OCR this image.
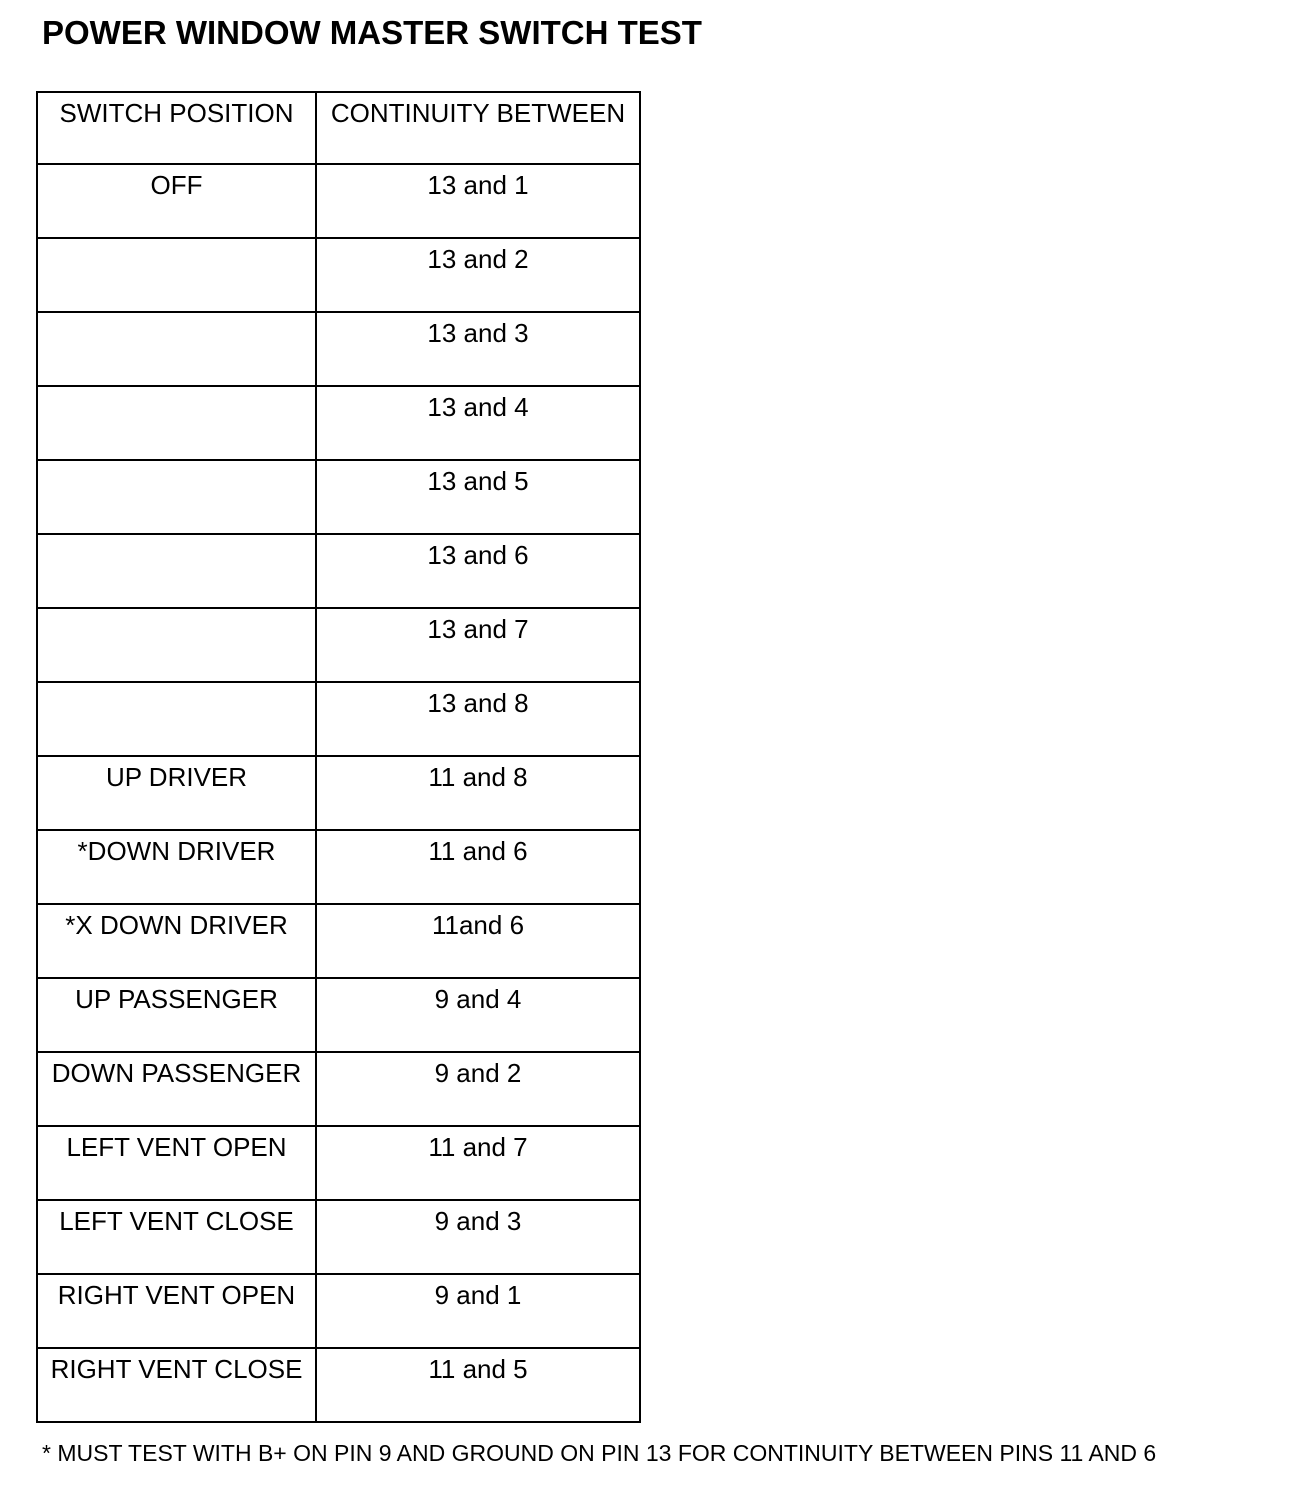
POWER WINDOW MASTER SWITCH TEST
SWITCH POSITION	CONTINUITY BETWEEN
OFF	13 and 1
	13 and 2
	13 and 3
	13 and 4
	13 and 5
	13 and 6
	13 and 7
	13 and 8
UP DRIVER	11 and 8
*DOWN DRIVER	11 and 6
*X DOWN DRIVER	11and 6
UP PASSENGER	9 and 4
DOWN PASSENGER	9 and 2
LEFT VENT OPEN	11 and 7
LEFT VENT CLOSE	9 and 3
RIGHT VENT OPEN	9 and 1
RIGHT VENT CLOSE	11 and 5
* MUST TEST WITH B+ ON PIN 9 AND GROUND ON PIN 13 FOR CONTINUITY BETWEEN PINS 11 AND 6
